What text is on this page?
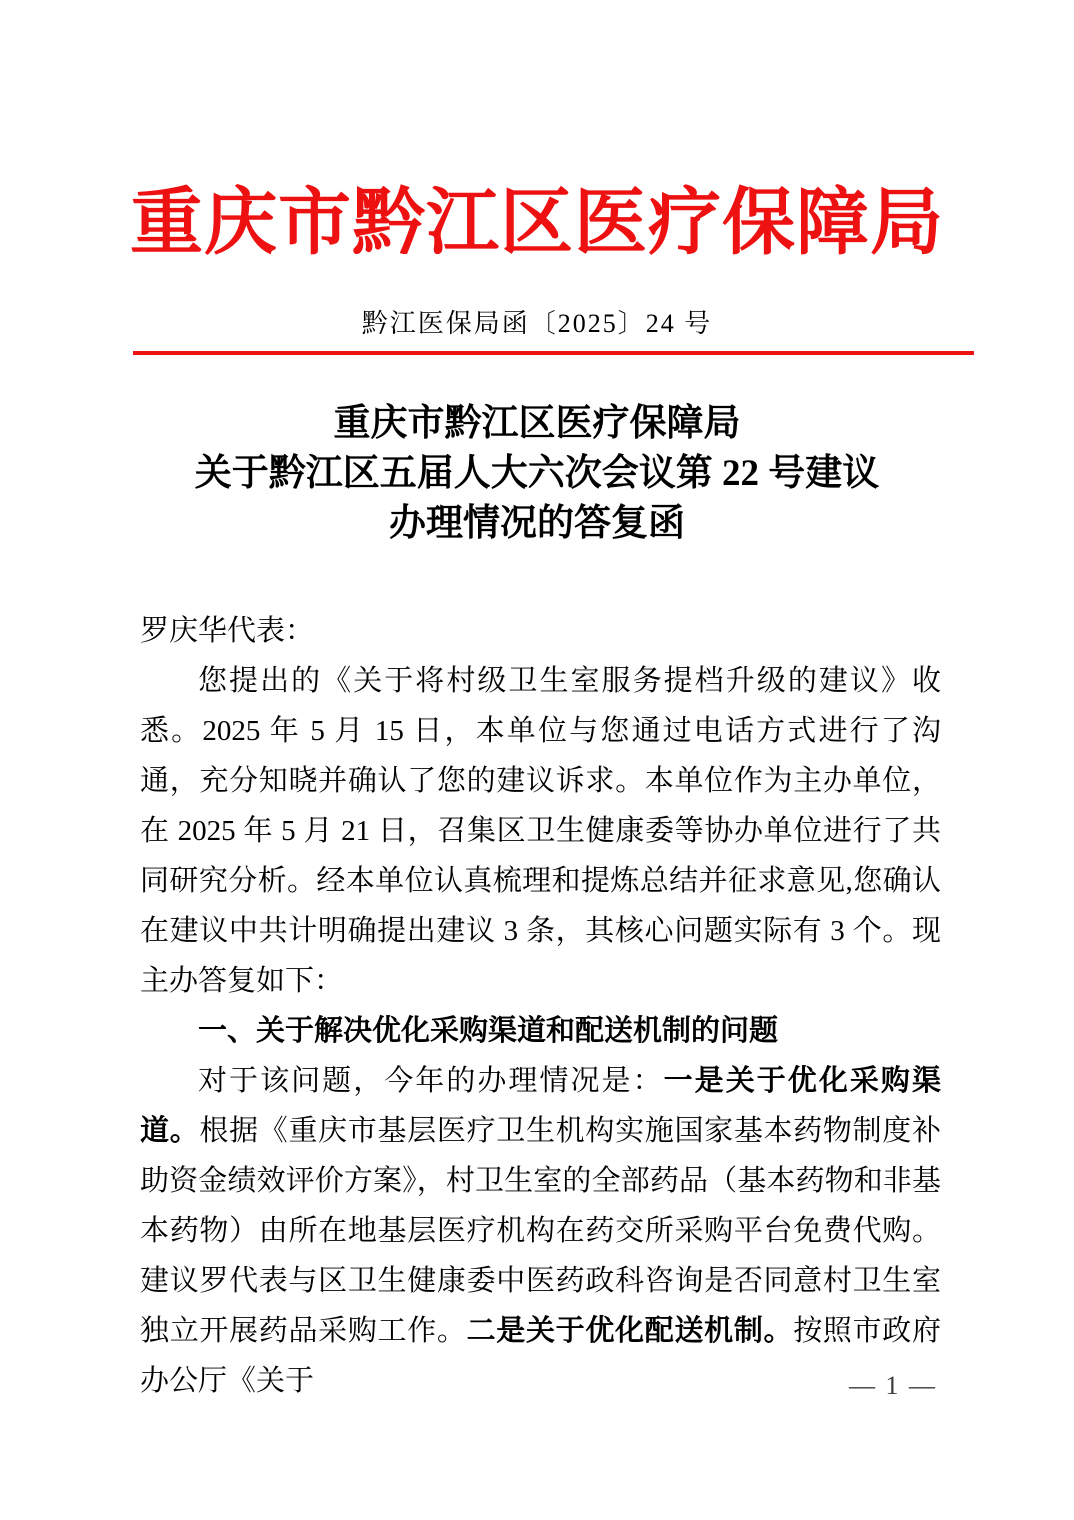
重庆市黔江区医疗保障局
黔江医保局函〔2025〕24 号
重庆市黔江区医疗保障局
关于黔江区五届人大六次会议第 22 号建议
办理情况的答复函

罗庆华代表：

您提出的《关于将村级卫生室服务提档升级的建议》收悉。2025 年 5 月 15 日，本单位与您通过电话方式进行了沟通，充分知晓并确认了您的建议诉求。本单位作为主办单位，在 2025 年 5 月 21 日，召集区卫生健康委等协办单位进行了共同研究分析。经本单位认真梳理和提炼总结并征求意见,您确认在建议中共计明确提出建议 3 条，其核心问题实际有 3 个。现主办答复如下：

一、关于解决优化采购渠道和配送机制的问题

对于该问题，今年的办理情况是：一是关于优化采购渠道。根据《重庆市基层医疗卫生机构实施国家基本药物制度补助资金绩效评价方案》，村卫生室的全部药品（基本药物和非基本药物）由所在地基层医疗机构在药交所采购平台免费代购。建议罗代表与区卫生健康委中医药政科咨询是否同意村卫生室独立开展药品采购工作。二是关于优化配送机制。按照市政府办公厅《关于	— 1 —
